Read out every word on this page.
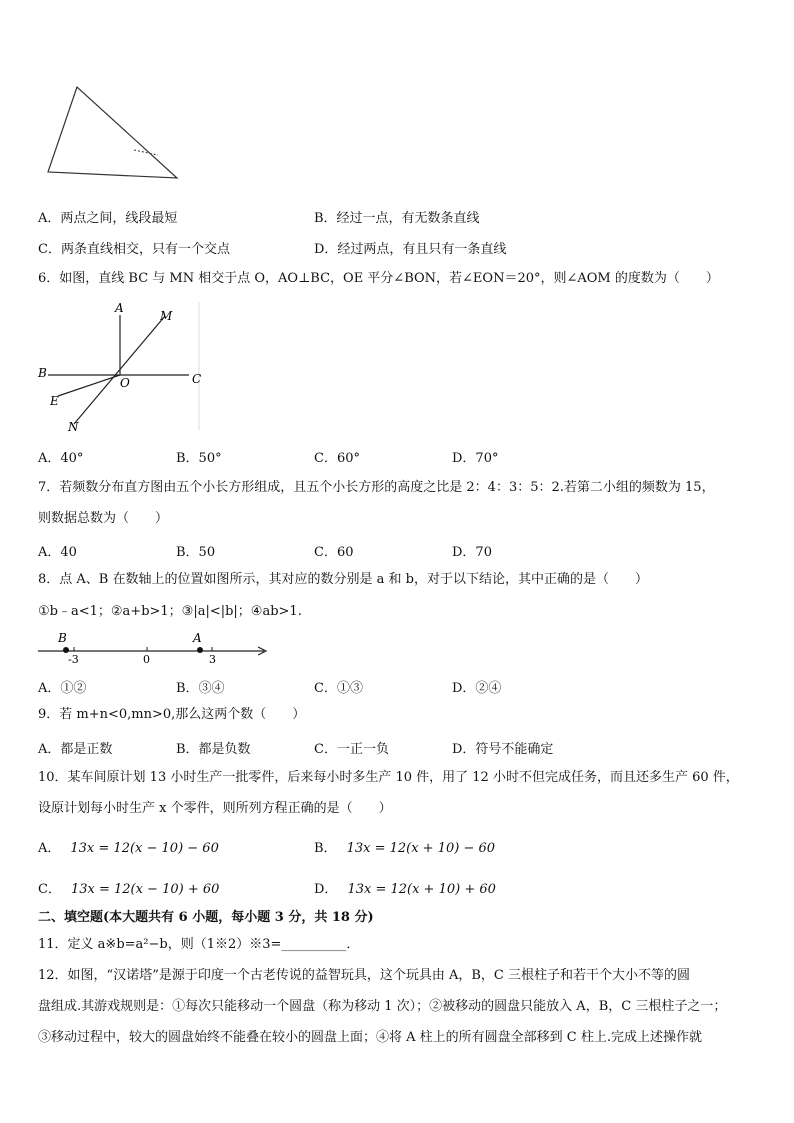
A．两点之间，线段最短	B．经过一点，有无数条直线
C．两条直线相交，只有一个交点	D．经过两点，有且只有一条直线
6．如图，直线 BC 与 MN 相交于点 O，AO⊥BC，OE 平分∠BON，若∠EON＝20°，则∠AOM 的度数为（　　）
A
M
B
O	C
E
N
A．40°	B．50°	C．60°	D．70°
7．若频数分布直方图由五个小长方形组成，且五个小长方形的高度之比是 2：4：3：5：2.若第二小组的频数为 15，
则数据总数为（　　）
A．40	B．50	C．60	D．70
8．点 A、B 在数轴上的位置如图所示，其对应的数分别是 a 和 b，对于以下结论，其中正确的是（　　）
①b﹣a<1；②a+b>1；③|a|<|b|；④ab>1.
B	A
-3	0	3
A．①②	B．③④	C．①③	D．②④
9．若 m+n<0,mn>0,那么这两个数（　　）
A．都是正数	B．都是负数	C．一正一负	D．符号不能确定
10．某车间原计划 13 小时生产一批零件，后来每小时多生产 10 件，用了 12 小时不但完成任务，而且还多生产 60 件，
设原计划每小时生产 x 个零件，则所列方程正确的是（　　）
A． 13x = 12(x − 10) − 60	B． 13x = 12(x + 10) − 60
C． 13x = 12(x − 10) + 60	D． 13x = 12(x + 10) + 60
二、填空题(本大题共有 6 小题，每小题 3 分，共 18 分)
11．定义 a※b=a²−b，则（1※2）※3=__________．
12．如图，“汉诺塔”是源于印度一个古老传说的益智玩具，这个玩具由 A，B，C 三根柱子和若干个大小不等的圆
盘组成.其游戏规则是：①每次只能移动一个圆盘（称为移动 1 次）；②被移动的圆盘只能放入 A，B，C 三根柱子之一；
③移动过程中，较大的圆盘始终不能叠在较小的圆盘上面；④将 A 柱上的所有圆盘全部移到 C 柱上.完成上述操作就
